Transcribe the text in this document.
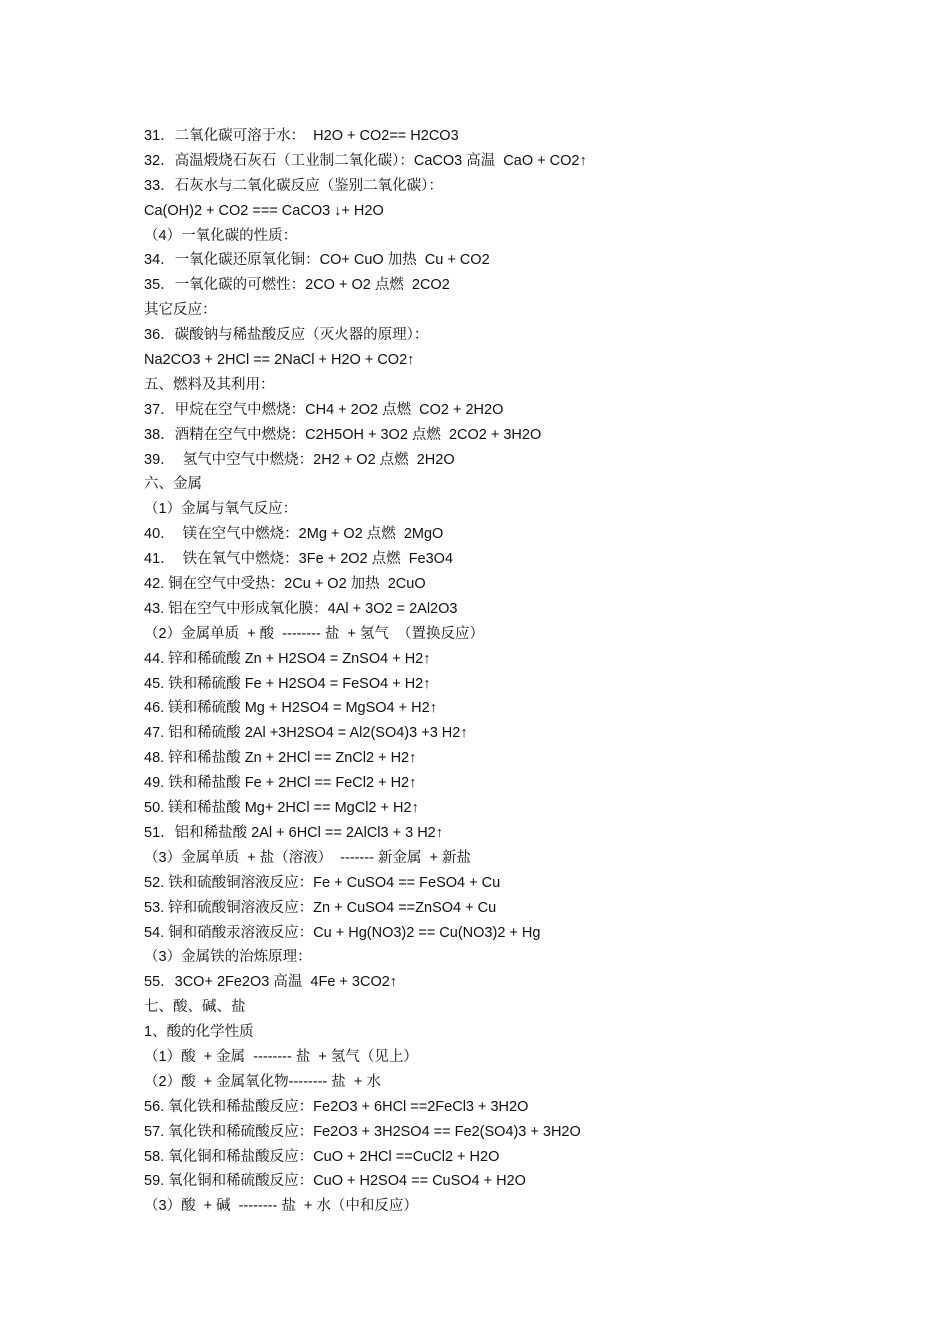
31．二氧化碳可溶于水：  H2O + CO2== H2CO3
32．高温煅烧石灰石（工业制二氧化碳）：CaCO3 高温  CaO + CO2↑
33．石灰水与二氧化碳反应（鉴别二氧化碳）：
Ca(OH)2 + CO2 === CaCO3 ↓+ H2O
（4）一氧化碳的性质：
34．一氧化碳还原氧化铜：CO+ CuO 加热  Cu + CO2
35．一氧化碳的可燃性：2CO + O2 点燃  2CO2
其它反应：
36．碳酸钠与稀盐酸反应（灭火器的原理）：
Na2CO3 + 2HCl == 2NaCl + H2O + CO2↑
五、燃料及其利用：
37．甲烷在空气中燃烧：CH4 + 2O2 点燃  CO2 + 2H2O
38．酒精在空气中燃烧：C2H5OH + 3O2 点燃  2CO2 + 3H2O
39．  氢气中空气中燃烧：2H2 + O2 点燃  2H2O
六、金属
（1）金属与氧气反应：
40．  镁在空气中燃烧：2Mg + O2 点燃  2MgO
41．  铁在氧气中燃烧：3Fe + 2O2 点燃  Fe3O4
42. 铜在空气中受热：2Cu + O2 加热  2CuO
43. 铝在空气中形成氧化膜：4Al + 3O2 = 2Al2O3
（2）金属单质  + 酸  -------- 盐  + 氢气  （置换反应）
44. 锌和稀硫酸 Zn + H2SO4 = ZnSO4 + H2↑
45. 铁和稀硫酸 Fe + H2SO4 = FeSO4 + H2↑
46. 镁和稀硫酸 Mg + H2SO4 = MgSO4 + H2↑
47. 铝和稀硫酸 2Al +3H2SO4 = Al2(SO4)3 +3 H2↑
48. 锌和稀盐酸 Zn + 2HCl == ZnCl2 + H2↑
49. 铁和稀盐酸 Fe + 2HCl == FeCl2 + H2↑
50. 镁和稀盐酸 Mg+ 2HCl == MgCl2 + H2↑
51．铝和稀盐酸 2Al + 6HCl == 2AlCl3 + 3 H2↑
（3）金属单质  + 盐（溶液）  ------- 新金属  + 新盐
52. 铁和硫酸铜溶液反应：Fe + CuSO4 == FeSO4 + Cu
53. 锌和硫酸铜溶液反应：Zn + CuSO4 ==ZnSO4 + Cu
54. 铜和硝酸汞溶液反应：Cu + Hg(NO3)2 == Cu(NO3)2 + Hg
（3）金属铁的治炼原理：
55．3CO+ 2Fe2O3 高温  4Fe + 3CO2↑
七、酸、碱、盐
1、酸的化学性质
（1）酸  + 金属  -------- 盐  + 氢气（见上）
（2）酸  + 金属氧化物-------- 盐  + 水
56. 氧化铁和稀盐酸反应：Fe2O3 + 6HCl ==2FeCl3 + 3H2O
57. 氧化铁和稀硫酸反应：Fe2O3 + 3H2SO4 == Fe2(SO4)3 + 3H2O
58. 氧化铜和稀盐酸反应：CuO + 2HCl ==CuCl2 + H2O
59. 氧化铜和稀硫酸反应：CuO + H2SO4 == CuSO4 + H2O
（3）酸  + 碱  -------- 盐  + 水（中和反应）
